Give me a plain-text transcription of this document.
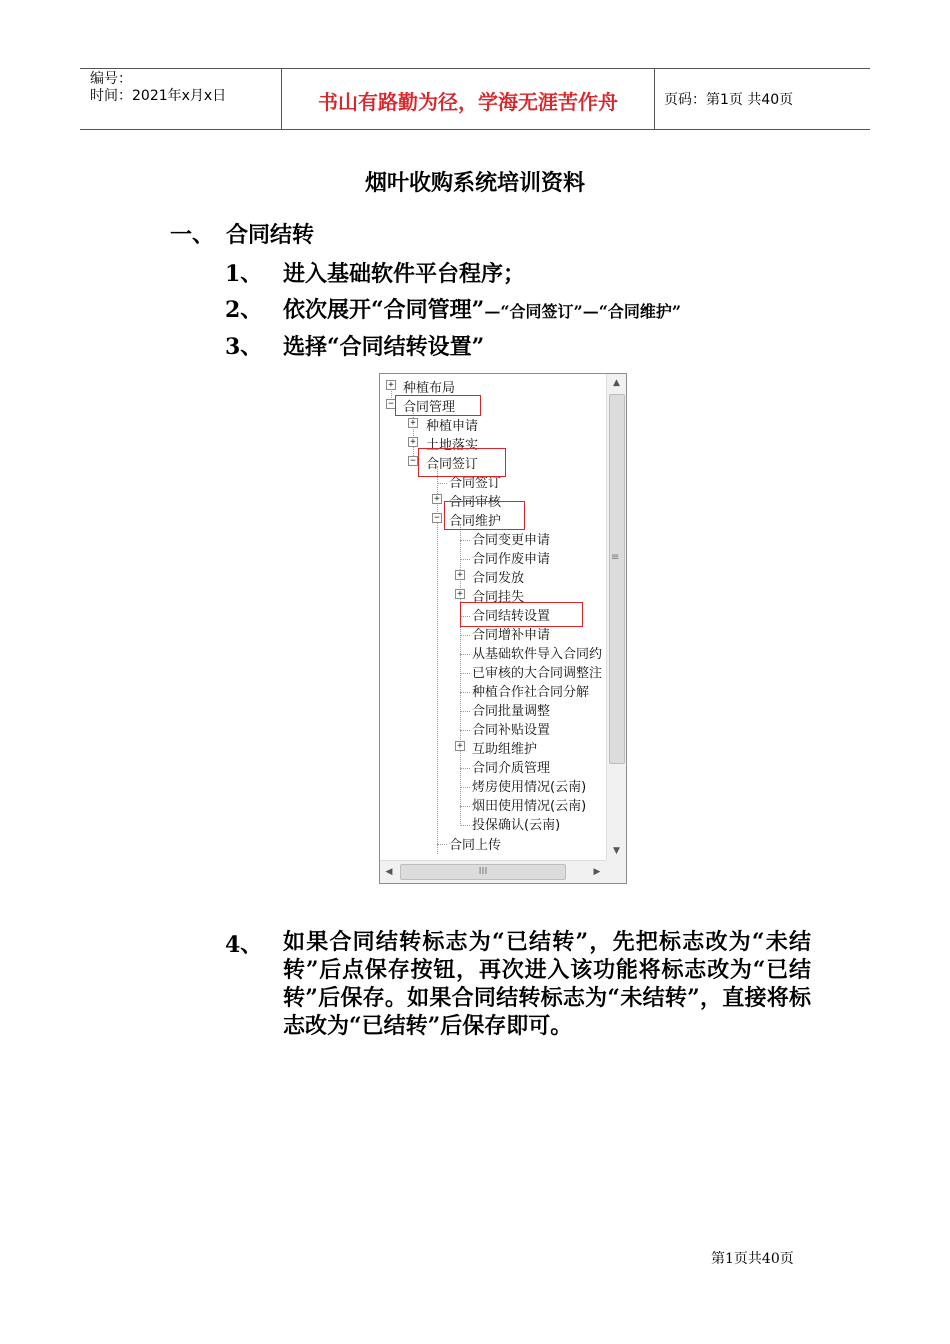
编号：
时间：2021年x月x日	书山有路勤为径，学海无涯苦作舟	页码：第1页 共40页
烟叶收购系统培训资料
一、 合同结转
1、 进入基础软件平台程序；
2、 依次展开“合同管理”—“合同签订”—“合同维护”
3、 选择“合同结转设置”
+ 种植布局
− 合同管理
+ 种植申请
+ 土地落实
− 合同签订
合同签订
+ 合同审核
− 合同维护
合同变更申请
合同作废申请
+ 合同发放
+ 合同挂失
合同结转设置
合同增补申请
从基础软件导入合同约
已审核的大合同调整注
种植合作社合同分解
合同批量调整
合同补贴设置
+ 互助组维护
合同介质管理
烤房使用情况(云南)
烟田使用情况(云南)
投保确认(云南)
合同上传
▲
≡
▼
◀	III	▶
4、 如果合同结转标志为“已结转”，先把标志改为“未结转”后点保存按钮，再次进入该功能将标志改为“已结转”后保存。如果合同结转标志为“未结转”，直接将标志改为“已结转”后保存即可。
第1页共40页
